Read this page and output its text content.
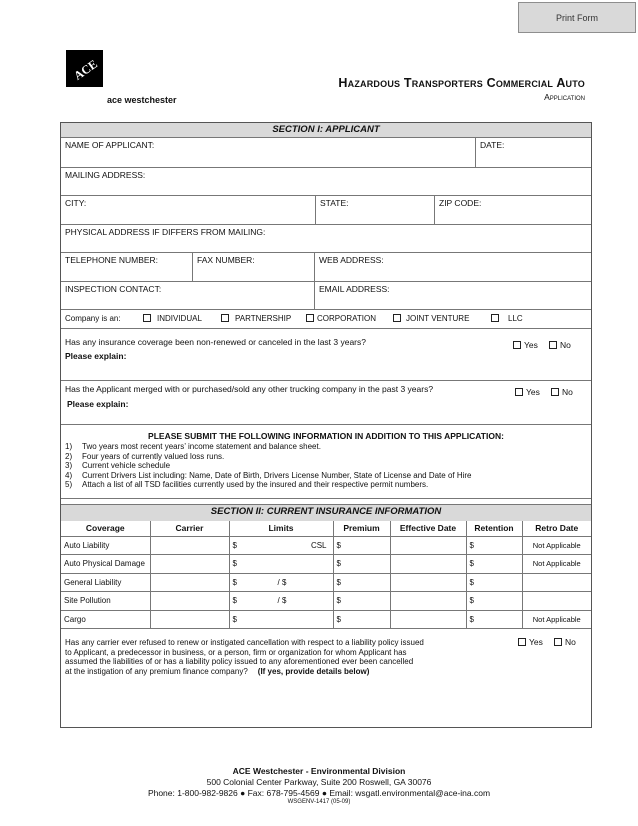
Print Form
ACE
ace westchester
Hazardous Transporters Commercial Auto
Application
SECTION I: APPLICANT
NAME OF APPLICANT:	DATE:
MAILING ADDRESS:
CITY:	STATE:	ZIP CODE:
PHYSICAL ADDRESS IF DIFFERS FROM MAILING:
TELEPHONE NUMBER:	FAX NUMBER:	WEB ADDRESS:
INSPECTION CONTACT:	EMAIL ADDRESS:
Company is an:	INDIVIDUAL	PARTNERSHIP	CORPORATION	JOINT VENTURE	LLC
Has any insurance coverage been non-renewed or canceled in the last 3 years?
Please explain:
Yes	No
Has the Applicant merged with or purchased/sold any other trucking company in the past 3 years?
Please explain:
Yes	No
PLEASE SUBMIT THE FOLLOWING INFORMATION IN ADDITION TO THIS APPLICATION:
1) Two years most recent years’ income statement and balance sheet.
2) Four years of currently valued loss runs.
3) Current vehicle schedule
4) Current Drivers List including: Name, Date of Birth, Drivers License Number, State of License and Date of Hire
5) Attach a list of all TSD facilities currently used by the insured and their respective permit numbers.
SECTION II: CURRENT INSURANCE INFORMATION
Coverage	Carrier	Limits	Premium	Effective Date	Retention	Retro Date
Auto Liability		$ CSL	$		$	Not Applicable
Auto Physical Damage		$	$		$	Not Applicable
General Liability		$ / $	$		$	
Site Pollution		$ / $	$		$	
Cargo		$	$		$	Not Applicable
Has any carrier ever refused to renew or instigated cancellation with respect to a liability policy issued
to Applicant, a predecessor in business, or a person, firm or organization for whom Applicant has
assumed the liabilities of or has a liability policy issued to any aforementioned ever been cancelled
at the instigation of any premium finance company? (If yes, provide details below)
Yes	No
ACE Westchester - Environmental Division
500 Colonial Center Parkway, Suite 200 Roswell, GA 30076
Phone: 1-800-982-9826 ● Fax: 678-795-4569 ● Email: wsgatl.environmental@ace-ina.com
WSGENV-1417 (05-09)
